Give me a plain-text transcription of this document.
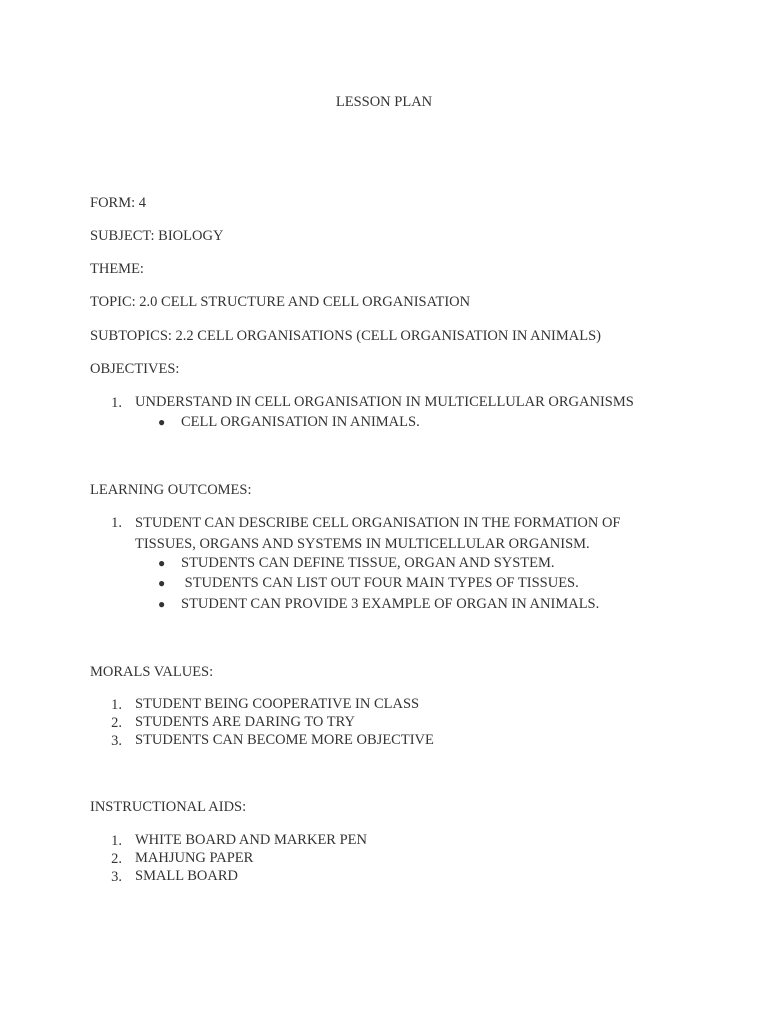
LESSON PLAN
FORM: 4
SUBJECT: BIOLOGY
THEME:
TOPIC: 2.0 CELL STRUCTURE AND CELL ORGANISATION
SUBTOPICS: 2.2 CELL ORGANISATIONS (CELL ORGANISATION IN ANIMALS)
OBJECTIVES:
1. UNDERSTAND IN CELL ORGANISATION IN MULTICELLULAR ORGANISMS
● CELL ORGANISATION IN ANIMALS.
LEARNING OUTCOMES:
1. STUDENT CAN DESCRIBE CELL ORGANISATION IN THE FORMATION OF
TISSUES, ORGANS AND SYSTEMS IN MULTICELLULAR ORGANISM.
● STUDENTS CAN DEFINE TISSUE, ORGAN AND SYSTEM.
● STUDENTS CAN LIST OUT FOUR MAIN TYPES OF TISSUES.
● STUDENT CAN PROVIDE 3 EXAMPLE OF ORGAN IN ANIMALS.
MORALS VALUES:
1. STUDENT BEING COOPERATIVE IN CLASS
2. STUDENTS ARE DARING TO TRY
3. STUDENTS CAN BECOME MORE OBJECTIVE
INSTRUCTIONAL AIDS:
1. WHITE BOARD AND MARKER PEN
2. MAHJUNG PAPER
3. SMALL BOARD
